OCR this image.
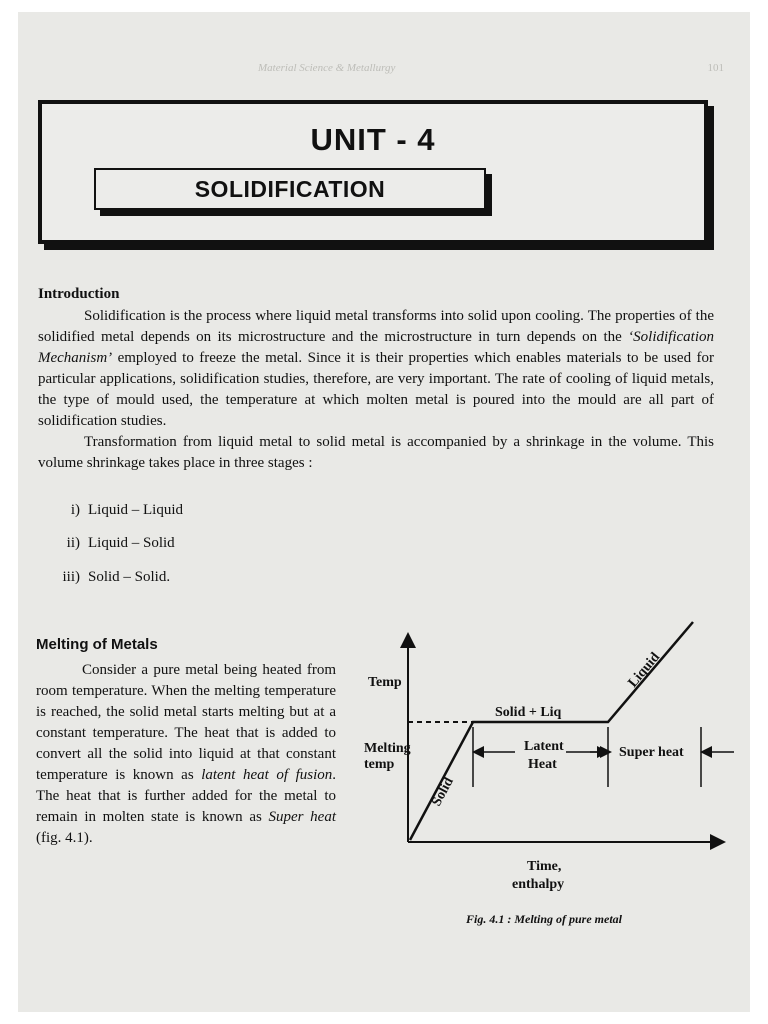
Material Science & Metallurgy	101
UNIT - 4
SOLIDIFICATION
Introduction

Solidification is the process where liquid metal transforms into solid upon cooling. The properties of the solidified metal depends on its microstructure and the microstructure in turn depends on the ‘Solidification Mechanism’ employed to freeze the metal. Since it is their properties which enables materials to be used for particular applications, solidification studies, therefore, are very important. The rate of cooling of liquid metals, the type of mould used, the temperature at which molten metal is poured into the mould are all part of solidification studies.

Transformation from liquid metal to solid metal is accompanied by a shrinkage in the volume. This volume shrinkage takes place in three stages :

i) Liquid – Liquid
ii) Liquid – Solid
iii) Solid – Solid.
Melting of Metals

Consider a pure metal being heated from room temperature. When the melting temperature is reached, the solid metal starts melting but at a constant temperature. The heat that is added to convert all the solid into liquid at that constant temperature is known as latent heat of fusion. The heat that is further added for the metal to remain in molten state is known as Super heat (fig. 4.1).

Temp
Melting
temp
Solid
Solid + Liq
Liquid
Latent
Heat
Super heat
Time,
enthalpy
Fig. 4.1 : Melting of pure metal
